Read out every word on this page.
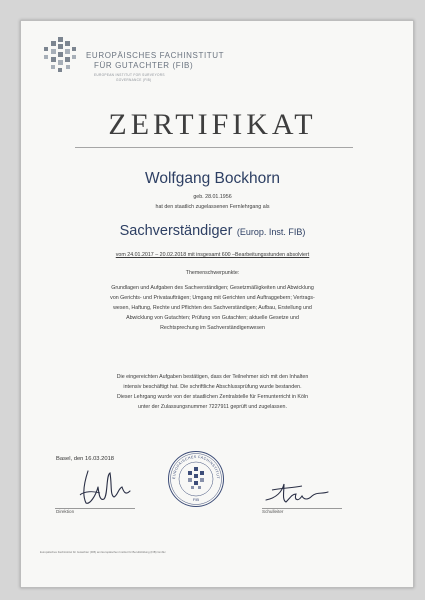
EUROPÄISCHES FACHINSTITUT
FÜR GUTACHTER (FIB)
EUROPEAN INSTITUT FOR SURVEYORS
GOVERNANCE (FIB)
ZERTIFIKAT
Wolfgang Bockhorn
geb. 28.01.1956
hat den staatlich zugelassenen Fernlehrgang als
Sachverständiger (Europ. Inst. FIB)
vom 24.01.2017 – 20.02.2018 mit insgesamt 600 –Bearbeitungsstunden absolviert
Themenschwerpunkte:
Grundlagen und Aufgaben des Sachverständigen; Gesetzmäßigkeiten und Abwicklung
von Gerichts- und Privataufträgen; Umgang mit Gerichten und Auftraggebern; Vertrags-
wesen, Haftung, Rechte und Pflichten des Sachverständigen; Aufbau, Erstellung und
Abwicklung von Gutachten; Prüfung von Gutachten; aktuelle Gesetze und
Rechtsprechung im Sachverständigenwesen
Die eingereichten Aufgaben bestätigen, dass der Teilnehmer sich mit den Inhalten
intensiv beschäftigt hat. Die schriftliche Abschlussprüfung wurde bestanden.
Dieser Lehrgang wurde von der staatlichen Zentralstelle für Fernunterricht in Köln
unter der Zulassungsnummer 7227911 geprüft und zugelassen.
Basel, den 16.03.2018
Direktion
EUROPÄISCHES FACHINSTITUT
FIB
Schulleiter
Europäisches Fachinstitut für Gutachter (FIB) am Europäischen Institut für Berufsbildung (FIB) GmbH
